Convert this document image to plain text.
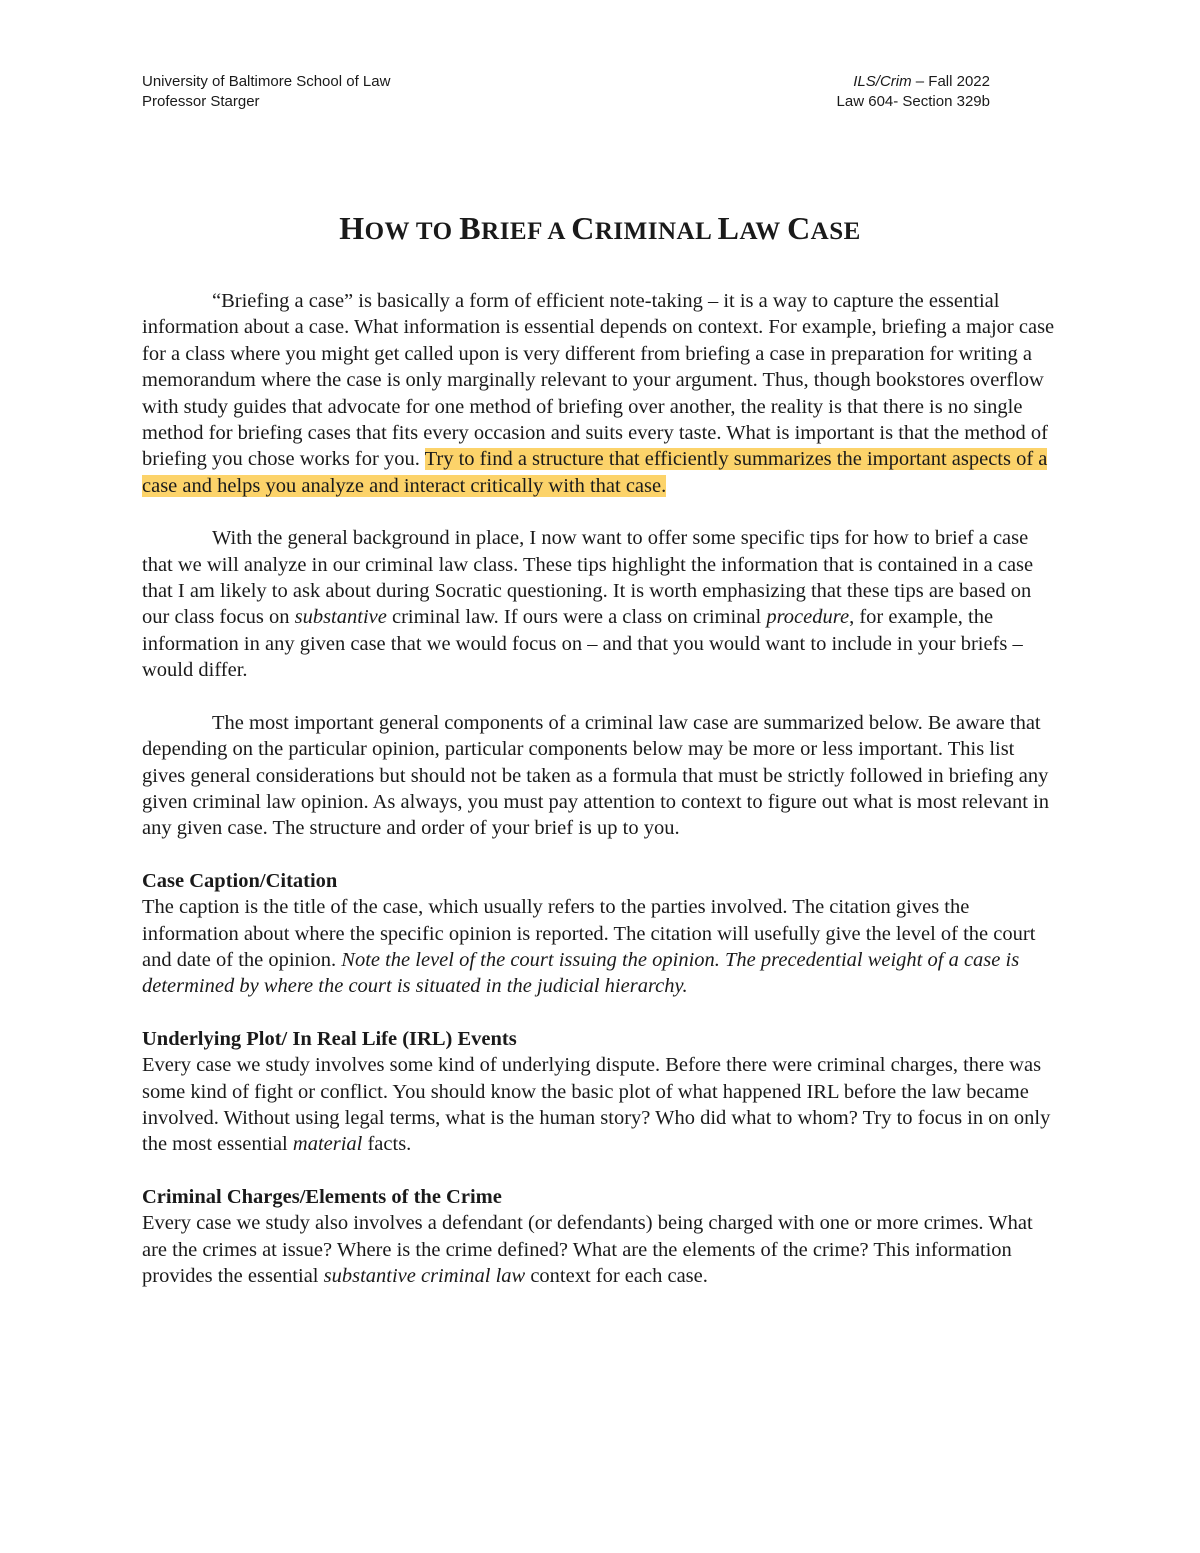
University of Baltimore School of Law	ILS/Crim – Fall 2022
Professor Starger	Law 604- Section 329b
HOW TO BRIEF A CRIMINAL LAW CASE

“Briefing a case” is basically a form of efficient note-taking – it is a way to capture the essential information about a case. What information is essential depends on context. For example, briefing a major case for a class where you might get called upon is very different from briefing a case in preparation for writing a memorandum where the case is only marginally relevant to your argument. Thus, though bookstores overflow with study guides that advocate for one method of briefing over another, the reality is that there is no single method for briefing cases that fits every occasion and suits every taste. What is important is that the method of briefing you chose works for you. Try to find a structure that efficiently summarizes the important aspects of a case and helps you analyze and interact critically with that case.

With the general background in place, I now want to offer some specific tips for how to brief a case that we will analyze in our criminal law class. These tips highlight the information that is contained in a case that I am likely to ask about during Socratic questioning. It is worth emphasizing that these tips are based on our class focus on substantive criminal law. If ours were a class on criminal procedure, for example, the information in any given case that we would focus on – and that you would want to include in your briefs – would differ.

The most important general components of a criminal law case are summarized below. Be aware that depending on the particular opinion, particular components below may be more or less important. This list gives general considerations but should not be taken as a formula that must be strictly followed in briefing any given criminal law opinion. As always, you must pay attention to context to figure out what is most relevant in any given case. The structure and order of your brief is up to you.

Case Caption/Citation

The caption is the title of the case, which usually refers to the parties involved. The citation gives the information about where the specific opinion is reported. The citation will usefully give the level of the court and date of the opinion. Note the level of the court issuing the opinion. The precedential weight of a case is determined by where the court is situated in the judicial hierarchy.

Underlying Plot/ In Real Life (IRL) Events

Every case we study involves some kind of underlying dispute. Before there were criminal charges, there was some kind of fight or conflict. You should know the basic plot of what happened IRL before the law became involved. Without using legal terms, what is the human story? Who did what to whom? Try to focus in on only the most essential material facts.

Criminal Charges/Elements of the Crime

Every case we study also involves a defendant (or defendants) being charged with one or more crimes. What are the crimes at issue? Where is the crime defined? What are the elements of the crime? This information provides the essential substantive criminal law context for each case.
